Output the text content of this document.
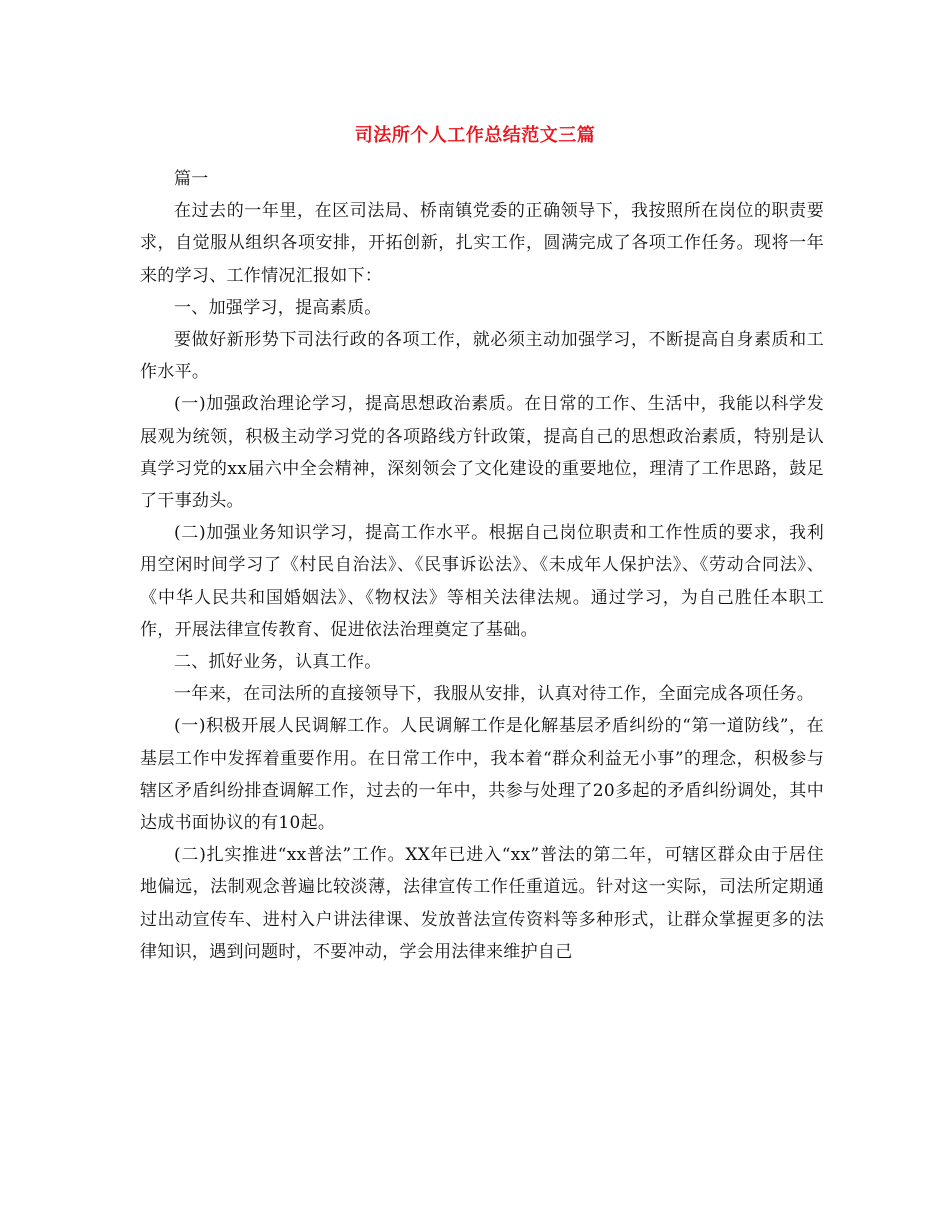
司法所个人工作总结范文三篇

篇一

在过去的一年里，在区司法局、桥南镇党委的正确领导下，我按照所在岗位的职责要求，自觉服从组织各项安排，开拓创新，扎实工作，圆满完成了各项工作任务。现将一年来的学习、工作情况汇报如下：

一、加强学习，提高素质。

要做好新形势下司法行政的各项工作，就必须主动加强学习，不断提高自身素质和工作水平。

(一)加强政治理论学习，提高思想政治素质。在日常的工作、生活中，我能以科学发展观为统领，积极主动学习党的各项路线方针政策，提高自己的思想政治素质，特别是认真学习党的xx届六中全会精神，深刻领会了文化建设的重要地位，理清了工作思路，鼓足了干事劲头。

(二)加强业务知识学习，提高工作水平。根据自己岗位职责和工作性质的要求，我利用空闲时间学习了《村民自治法》、《民事诉讼法》、《未成年人保护法》、《劳动合同法》、《中华人民共和国婚姻法》、《物权法》等相关法律法规。通过学习，为自己胜任本职工作，开展法律宣传教育、促进依法治理奠定了基础。

二、抓好业务，认真工作。

一年来，在司法所的直接领导下，我服从安排，认真对待工作，全面完成各项任务。

(一)积极开展人民调解工作。人民调解工作是化解基层矛盾纠纷的“第一道防线”，在基层工作中发挥着重要作用。在日常工作中，我本着“群众利益无小事”的理念，积极参与辖区矛盾纠纷排查调解工作，过去的一年中，共参与处理了20多起的矛盾纠纷调处，其中达成书面协议的有10起。

(二)扎实推进“xx普法”工作。XX年已进入“xx”普法的第二年，可辖区群众由于居住地偏远，法制观念普遍比较淡薄，法律宣传工作任重道远。针对这一实际，司法所定期通过出动宣传车、进村入户讲法律课、发放普法宣传资料等多种形式，让群众掌握更多的法律知识，遇到问题时，不要冲动，学会用法律来维护自己
